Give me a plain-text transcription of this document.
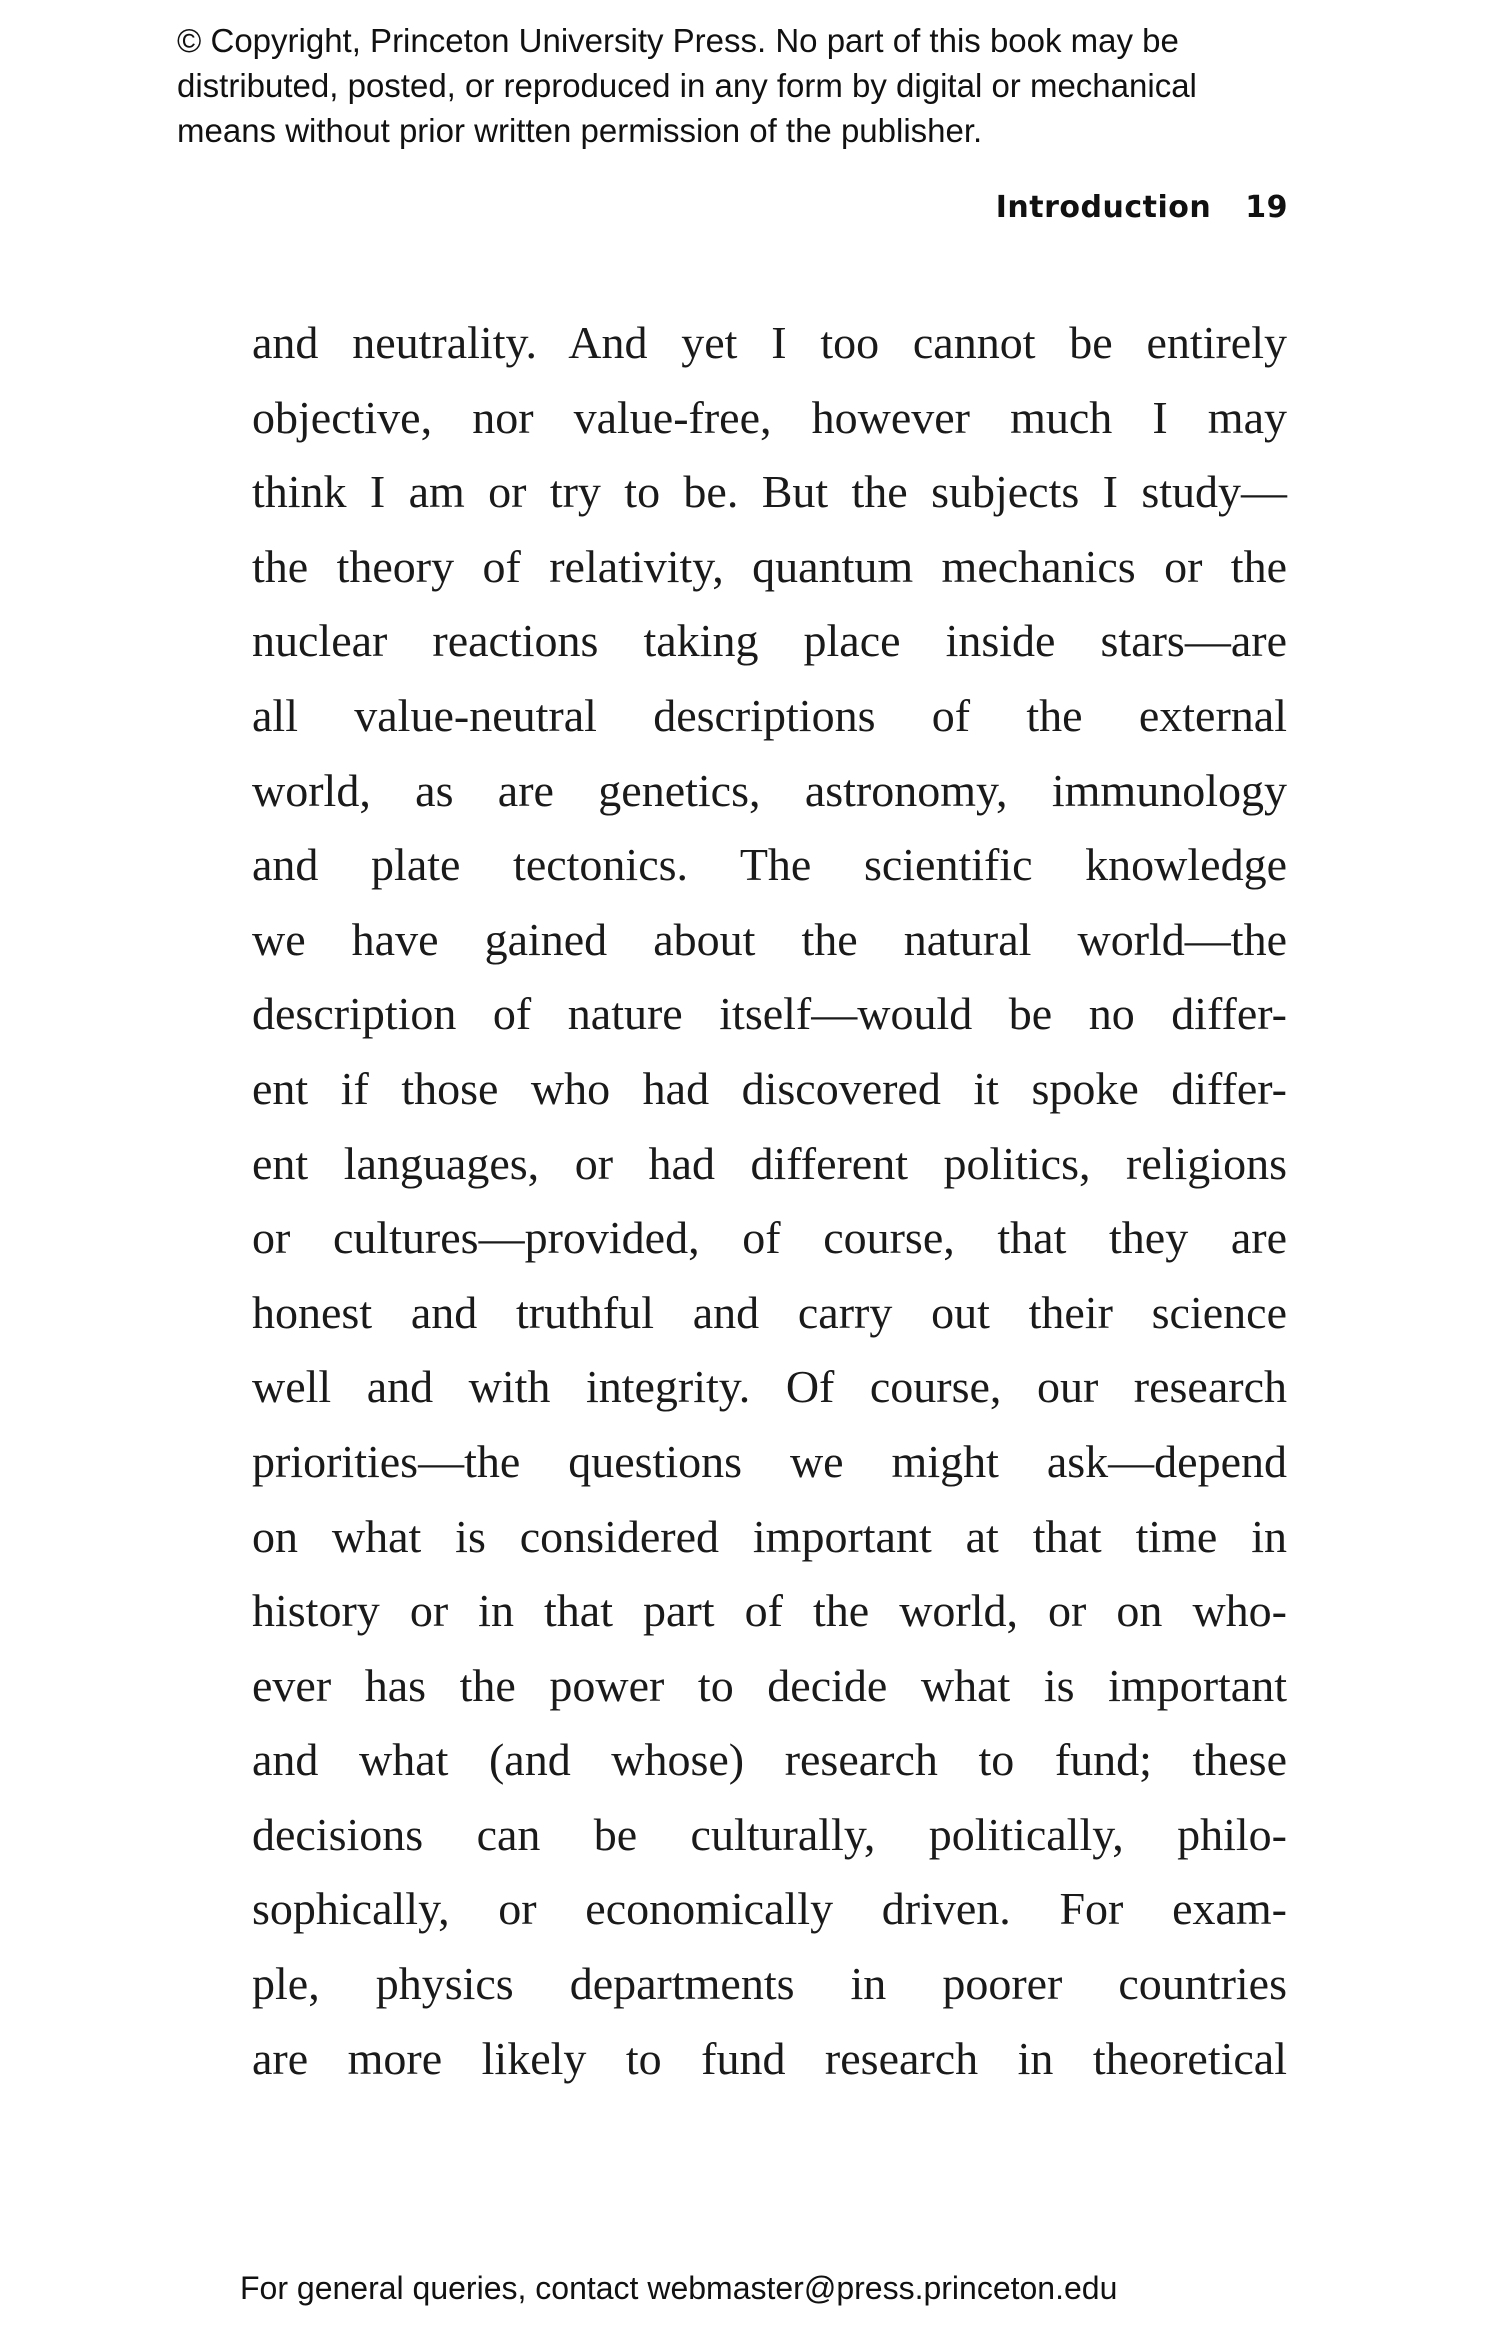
© Copyright, Princeton University Press. No part of this book may be
distributed, posted, or reproduced in any form by digital or mechanical
means without prior written permission of the publisher.
Introduction 19
and neutrality. And yet I too cannot be entirely
objective, nor value-free, however much I may
think I am or try to be. But the subjects I study—
the theory of relativity, quantum mechanics or the
nuclear reactions taking place inside stars—are
all value-neutral descriptions of the external
world, as are genetics, astronomy, immunology
and plate tectonics. The scientific knowledge
we have gained about the natural world—the
description of nature itself—would be no differ-
ent if those who had discovered it spoke differ-
ent languages, or had different politics, religions
or cultures—provided, of course, that they are
honest and truthful and carry out their science
well and with integrity. Of course, our research
priorities—the questions we might ask—depend
on what is considered important at that time in
history or in that part of the world, or on who-
ever has the power to decide what is important
and what (and whose) research to fund; these
decisions can be culturally, politically, philo-
sophically, or economically driven. For exam-
ple, physics departments in poorer countries
are more likely to fund research in theoretical
For general queries, contact webmaster@press.princeton.edu
